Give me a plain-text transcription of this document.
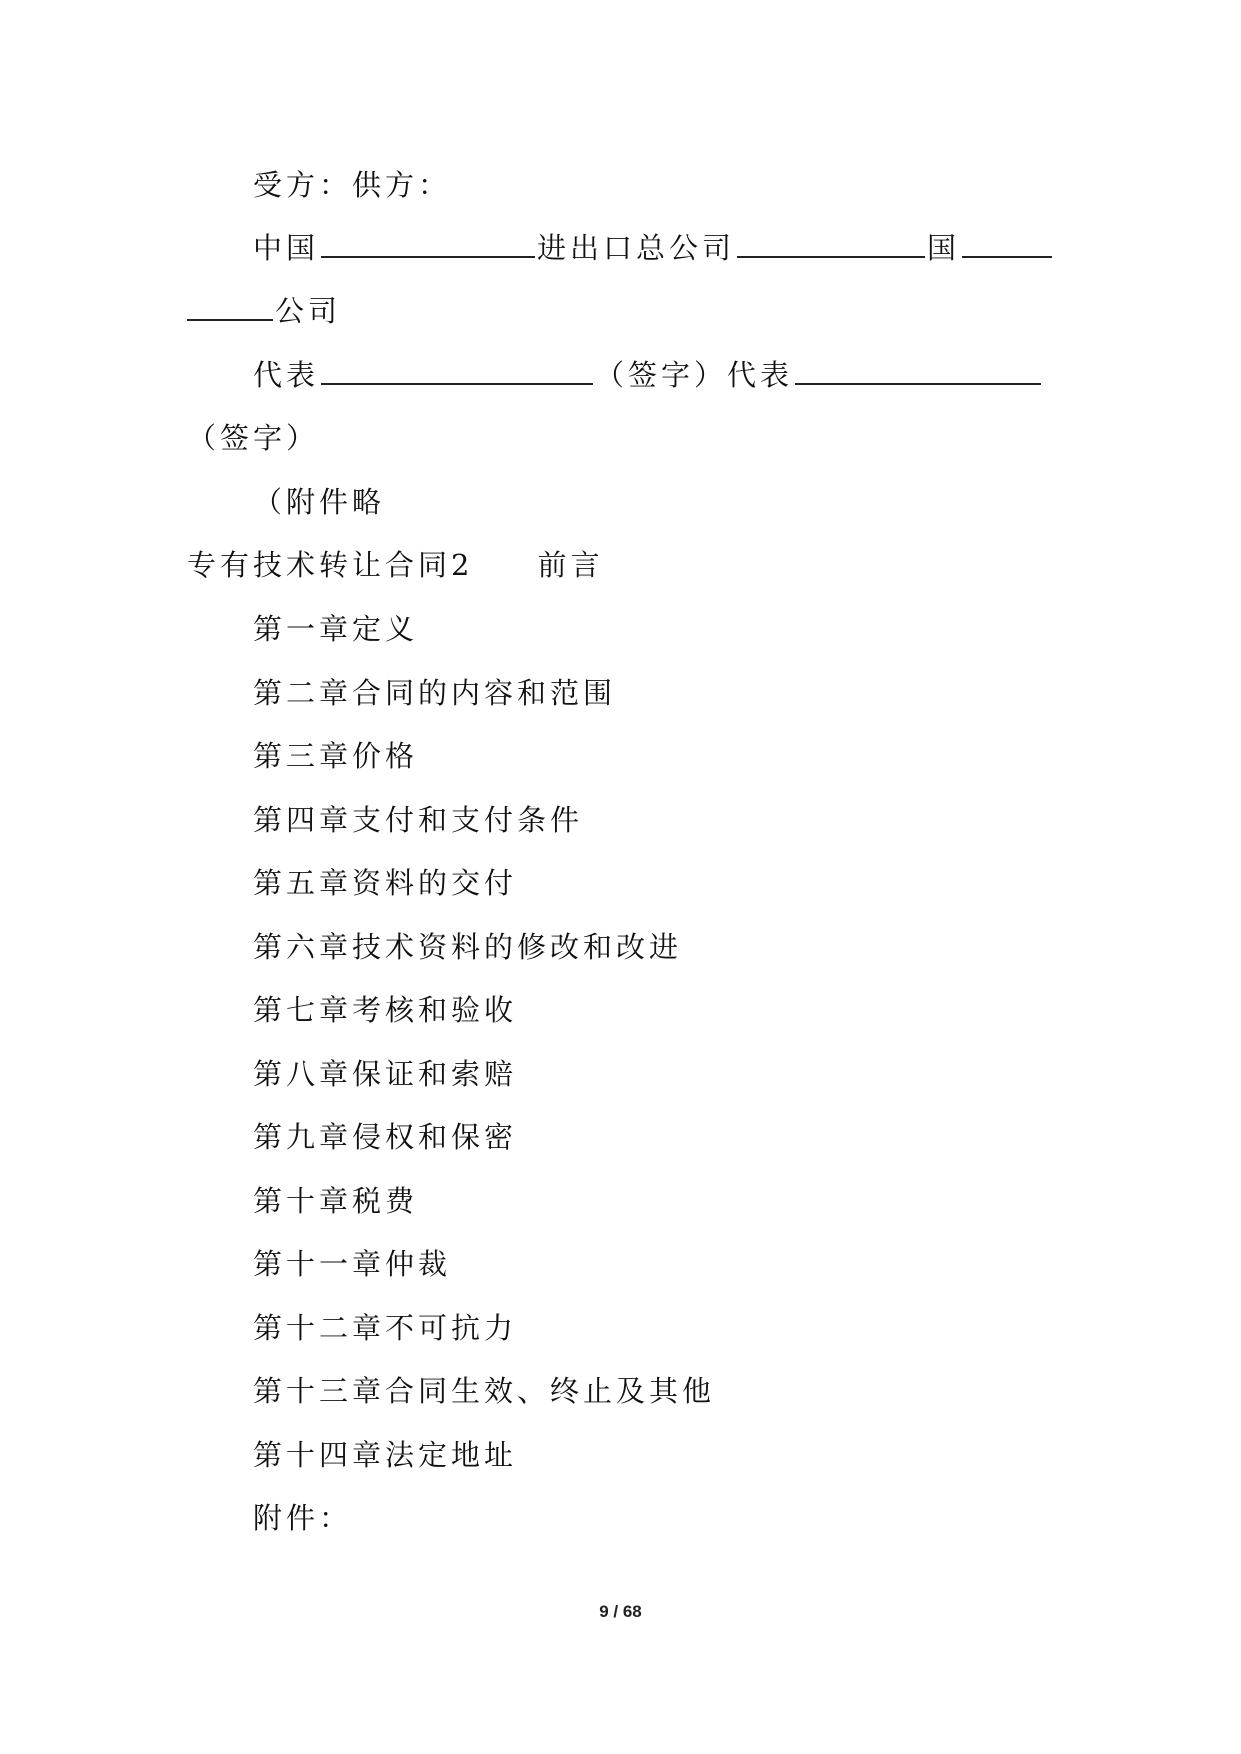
受方：供方：
中国	进出口总公司	国
公司
代表	（签字）代表
（签字）
（附件略
专有技术转让合同2 前言
第一章定义
第二章合同的内容和范围
第三章价格
第四章支付和支付条件
第五章资料的交付
第六章技术资料的修改和改进
第七章考核和验收
第八章保证和索赔
第九章侵权和保密
第十章税费
第十一章仲裁
第十二章不可抗力
第十三章合同生效、终止及其他
第十四章法定地址
附件：
9 / 68
